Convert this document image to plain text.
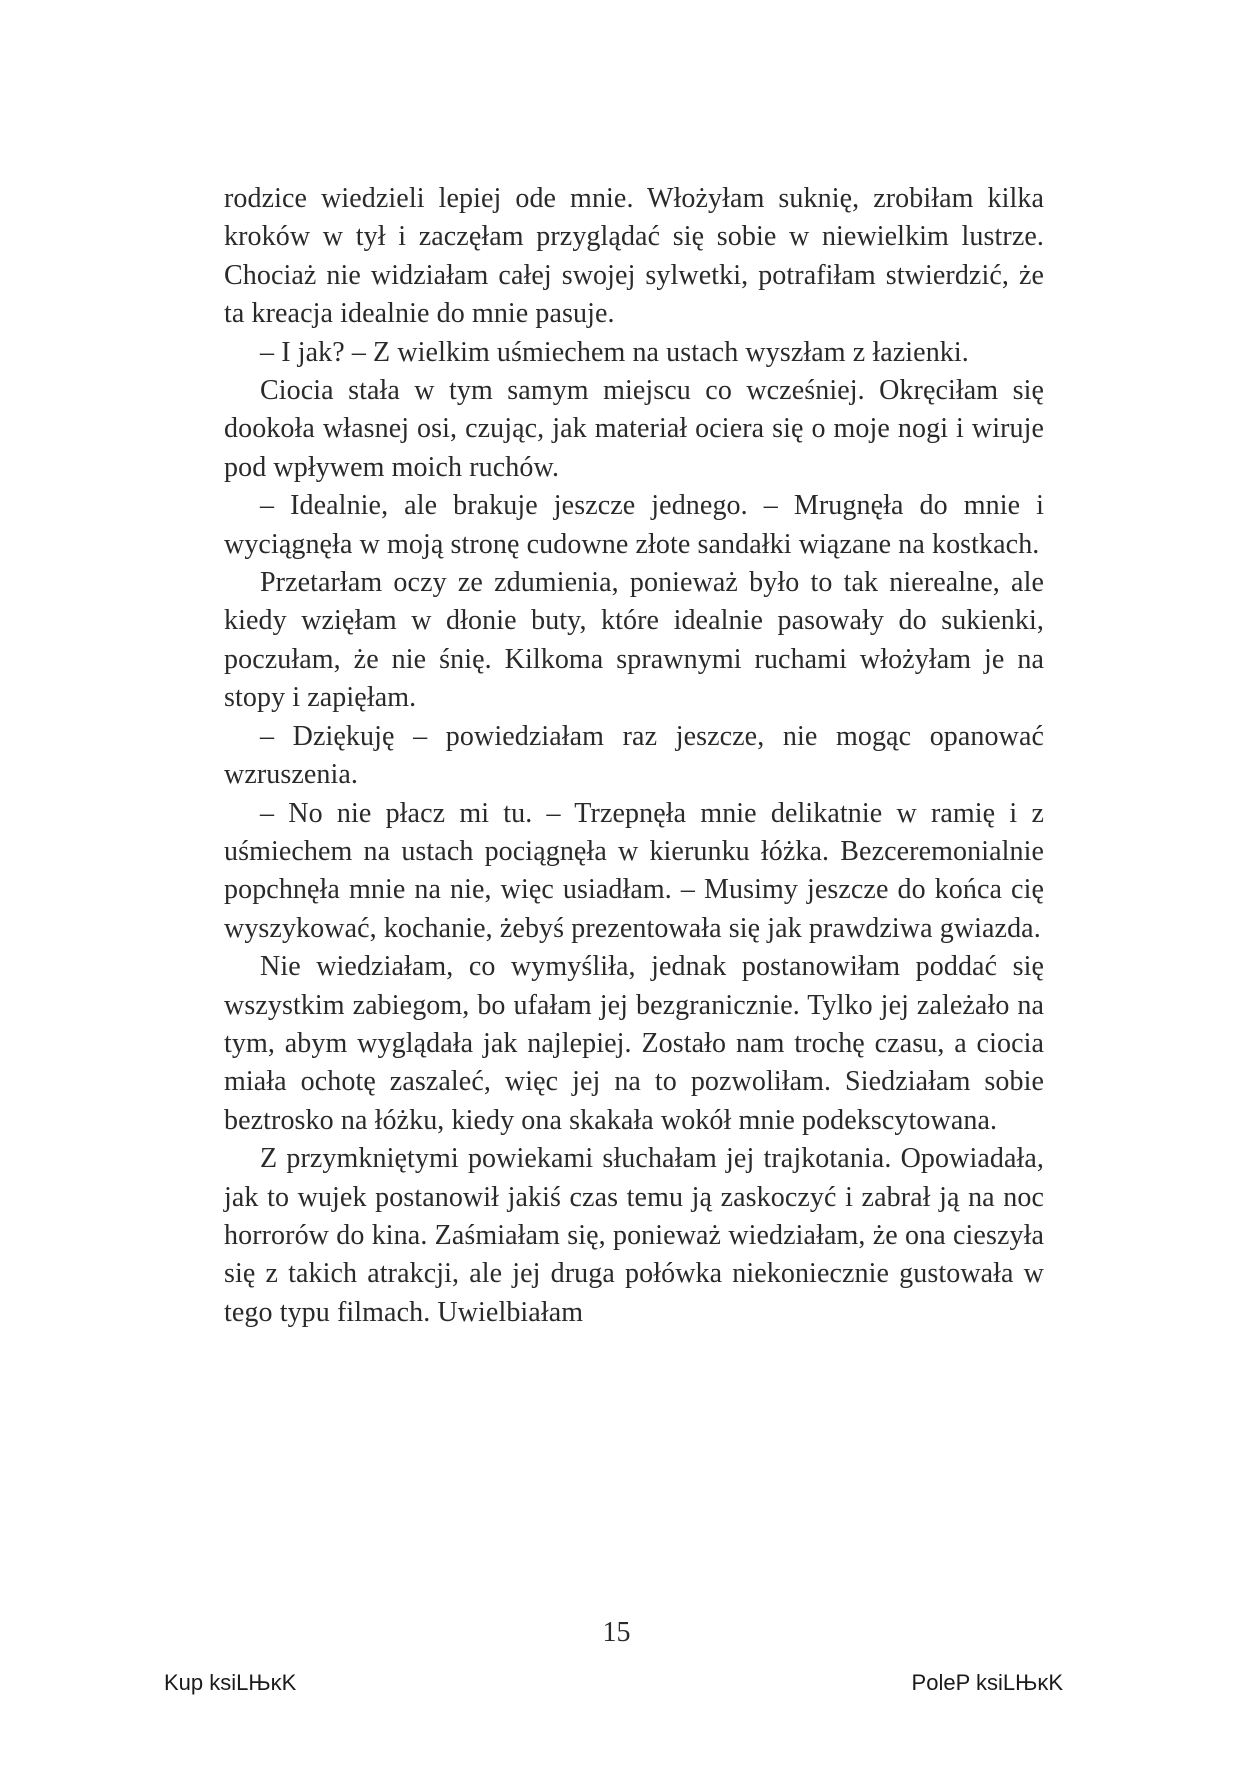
rodzice wiedzieli lepiej ode mnie. Włożyłam suknię, zrobiłam kilka kroków w tył i zaczęłam przyglądać się sobie w niewielkim lustrze. Chociaż nie widziałam całej swojej sylwetki, potrafiłam stwierdzić, że ta kreacja idealnie do mnie pasuje.

– I jak? – Z wielkim uśmiechem na ustach wyszłam z łazienki.

Ciocia stała w tym samym miejscu co wcześniej. Okręciłam się dookoła własnej osi, czując, jak materiał ociera się o moje nogi i wiruje pod wpływem moich ruchów.

– Idealnie, ale brakuje jeszcze jednego. – Mrugnęła do mnie i wyciągnęła w moją stronę cudowne złote sandałki wiązane na kostkach.

Przetarłam oczy ze zdumienia, ponieważ było to tak nierealne, ale kiedy wzięłam w dłonie buty, które idealnie pasowały do sukienki, poczułam, że nie śnię. Kilkoma sprawnymi ruchami włożyłam je na stopy i zapięłam.

– Dziękuję – powiedziałam raz jeszcze, nie mogąc opanować wzruszenia.

– No nie płacz mi tu. – Trzepnęła mnie delikatnie w ramię i z uśmiechem na ustach pociągnęła w kierunku łóżka. Bezceremonialnie popchnęła mnie na nie, więc usiadłam. – Musimy jeszcze do końca cię wyszykować, kochanie, żebyś prezentowała się jak prawdziwa gwiazda.

Nie wiedziałam, co wymyśliła, jednak postanowiłam poddać się wszystkim zabiegom, bo ufałam jej bezgranicznie. Tylko jej zależało na tym, abym wyglądała jak najlepiej. Zostało nam trochę czasu, a ciocia miała ochotę zaszaleć, więc jej na to pozwoliłam. Siedziałam sobie beztrosko na łóżku, kiedy ona skakała wokół mnie podekscytowana.

Z przymkniętymi powiekami słuchałam jej trajkotania. Opowiadała, jak to wujek postanowił jakiś czas temu ją zaskoczyć i zabrał ją na noc horrorów do kina. Zaśmiałam się, ponieważ wiedziałam, że ona cieszyła się z takich atrakcji, ale jej druga połówka niekoniecznie gustowała w tego typu filmach. Uwielbiałam

15
Kup ksiLЊĸK	PoleP ksiLЊĸK
